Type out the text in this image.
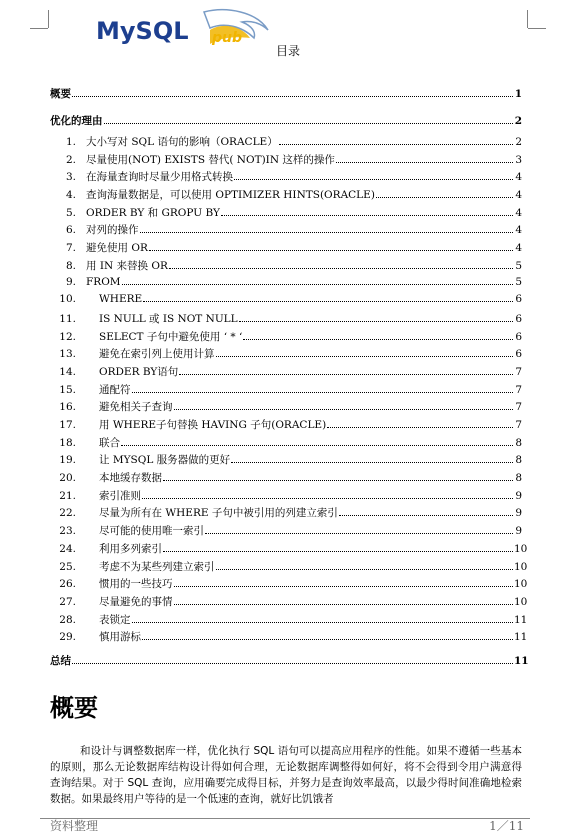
MySQL pub
目录
概要	1
优化的理由	2
1. 大小写对 SQL 语句的影响（ORACLE）	2
2. 尽量使用(NOT) EXISTS 替代( NOT)IN 这样的操作	3
3. 在海量查询时尽量少用格式转换	4
4. 查询海量数据是，可以使用 OPTIMIZER HINTS(ORACLE)	4
5. ORDER BY 和 GROPU BY	4
6. 对列的操作	4
7. 避免使用 OR	4
8. 用 IN 来替换 OR	5
9. FROM	5
10.	WHERE	6
11.	IS NULL 或 IS NOT NULL	6
12.	SELECT 子句中避免使用 ‘ * ‘	6
13.	避免在索引列上使用计算	6
14.	ORDER BY语句	7
15.	通配符	7
16.	避免相关子查询	7
17.	用 WHERE子句替换 HAVING 子句(ORACLE)	7
18.	联合	8
19.	让 MYSQL 服务器做的更好	8
20.	本地缓存数据	8
21.	索引准则	9
22.	尽量为所有在 WHERE 子句中被引用的列建立索引	9
23.	尽可能的使用唯一索引	9
24.	利用多列索引	10
25.	考虑不为某些列建立索引	10
26.	惯用的一些技巧	10
27.	尽量避免的事情	10
28.	表锁定	11
29.	慎用游标	11
总结	11
概要
和设计与调整数据库一样，优化执行 SQL 语句可以提高应用程序的性能。如果不遵循一些基本的原则，那么无论数据库结构设计得如何合理，无论数据库调整得如何好，将不会得到令用户满意得查询结果。对于 SQL 查询，应用确要完成得目标，并努力是查询效率最高，以最少得时间准确地检索数据。如果最终用户等待的是一个低速的查询，就好比饥饿者
资料整理	1／11
